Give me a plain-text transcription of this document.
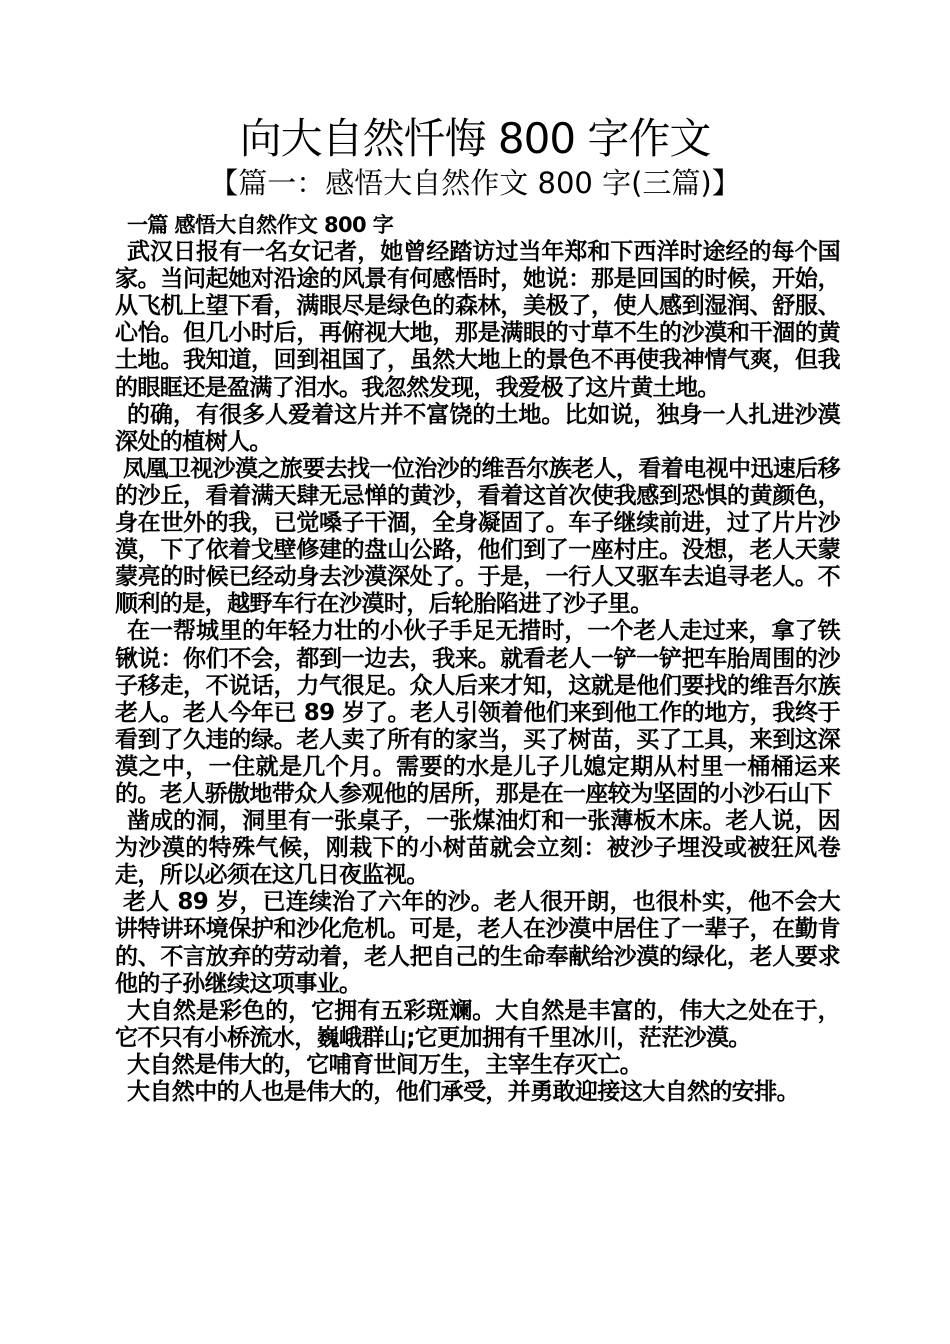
向大自然忏悔 800 字作文
【篇一：感悟大自然作文 800 字(三篇)】

一篇 感悟大自然作文 800 字

武汉日报有一名女记者，她曾经踏访过当年郑和下西洋时途经的每个国家。当问起她对沿途的风景有何感悟时，她说：那是回国的时候，开始，从飞机上望下看，满眼尽是绿色的森林，美极了，使人感到湿润、舒服、心怡。但几小时后，再俯视大地，那是满眼的寸草不生的沙漠和干涸的黄土地。我知道，回到祖国了，虽然大地上的景色不再使我神情气爽，但我的眼眶还是盈满了泪水。我忽然发现，我爱极了这片黄土地。

的确，有很多人爱着这片并不富饶的土地。比如说，独身一人扎进沙漠深处的植树人。

凤凰卫视沙漠之旅要去找一位治沙的维吾尔族老人，看着电视中迅速后移的沙丘，看着满天肆无忌惮的黄沙，看着这首次使我感到恐惧的黄颜色，身在世外的我，已觉嗓子干涸，全身凝固了。车子继续前进，过了片片沙漠，下了依着戈壁修建的盘山公路，他们到了一座村庄。没想，老人天蒙蒙亮的时候已经动身去沙漠深处了。于是，一行人又驱车去追寻老人。不顺利的是，越野车行在沙漠时，后轮胎陷进了沙子里。

在一帮城里的年轻力壮的小伙子手足无措时，一个老人走过来，拿了铁锹说：你们不会，都到一边去，我来。就看老人一铲一铲把车胎周围的沙子移走，不说话，力气很足。众人后来才知，这就是他们要找的维吾尔族老人。老人今年已 89 岁了。老人引领着他们来到他工作的地方，我终于看到了久违的绿。老人卖了所有的家当，买了树苗，买了工具，来到这深漠之中，一住就是几个月。需要的水是儿子儿媳定期从村里一桶桶运来的。老人骄傲地带众人参观他的居所，那是在一座较为坚固的小沙石山下

凿成的洞，洞里有一张桌子，一张煤油灯和一张薄板木床。老人说，因为沙漠的特殊气候，刚栽下的小树苗就会立刻：被沙子埋没或被狂风卷走，所以必须在这几日夜监视。

老人 89 岁，已连续治了六年的沙。老人很开朗，也很朴实，他不会大讲特讲环境保护和沙化危机。可是，老人在沙漠中居住了一辈子，在勤肯的、不言放弃的劳动着，老人把自己的生命奉献给沙漠的绿化，老人要求他的子孙继续这项事业。

大自然是彩色的，它拥有五彩斑斓。大自然是丰富的，伟大之处在于，它不只有小桥流水，巍峨群山;它更加拥有千里冰川，茫茫沙漠。

大自然是伟大的，它哺育世间万生，主宰生存灭亡。

大自然中的人也是伟大的，他们承受，并勇敢迎接这大自然的安排。
